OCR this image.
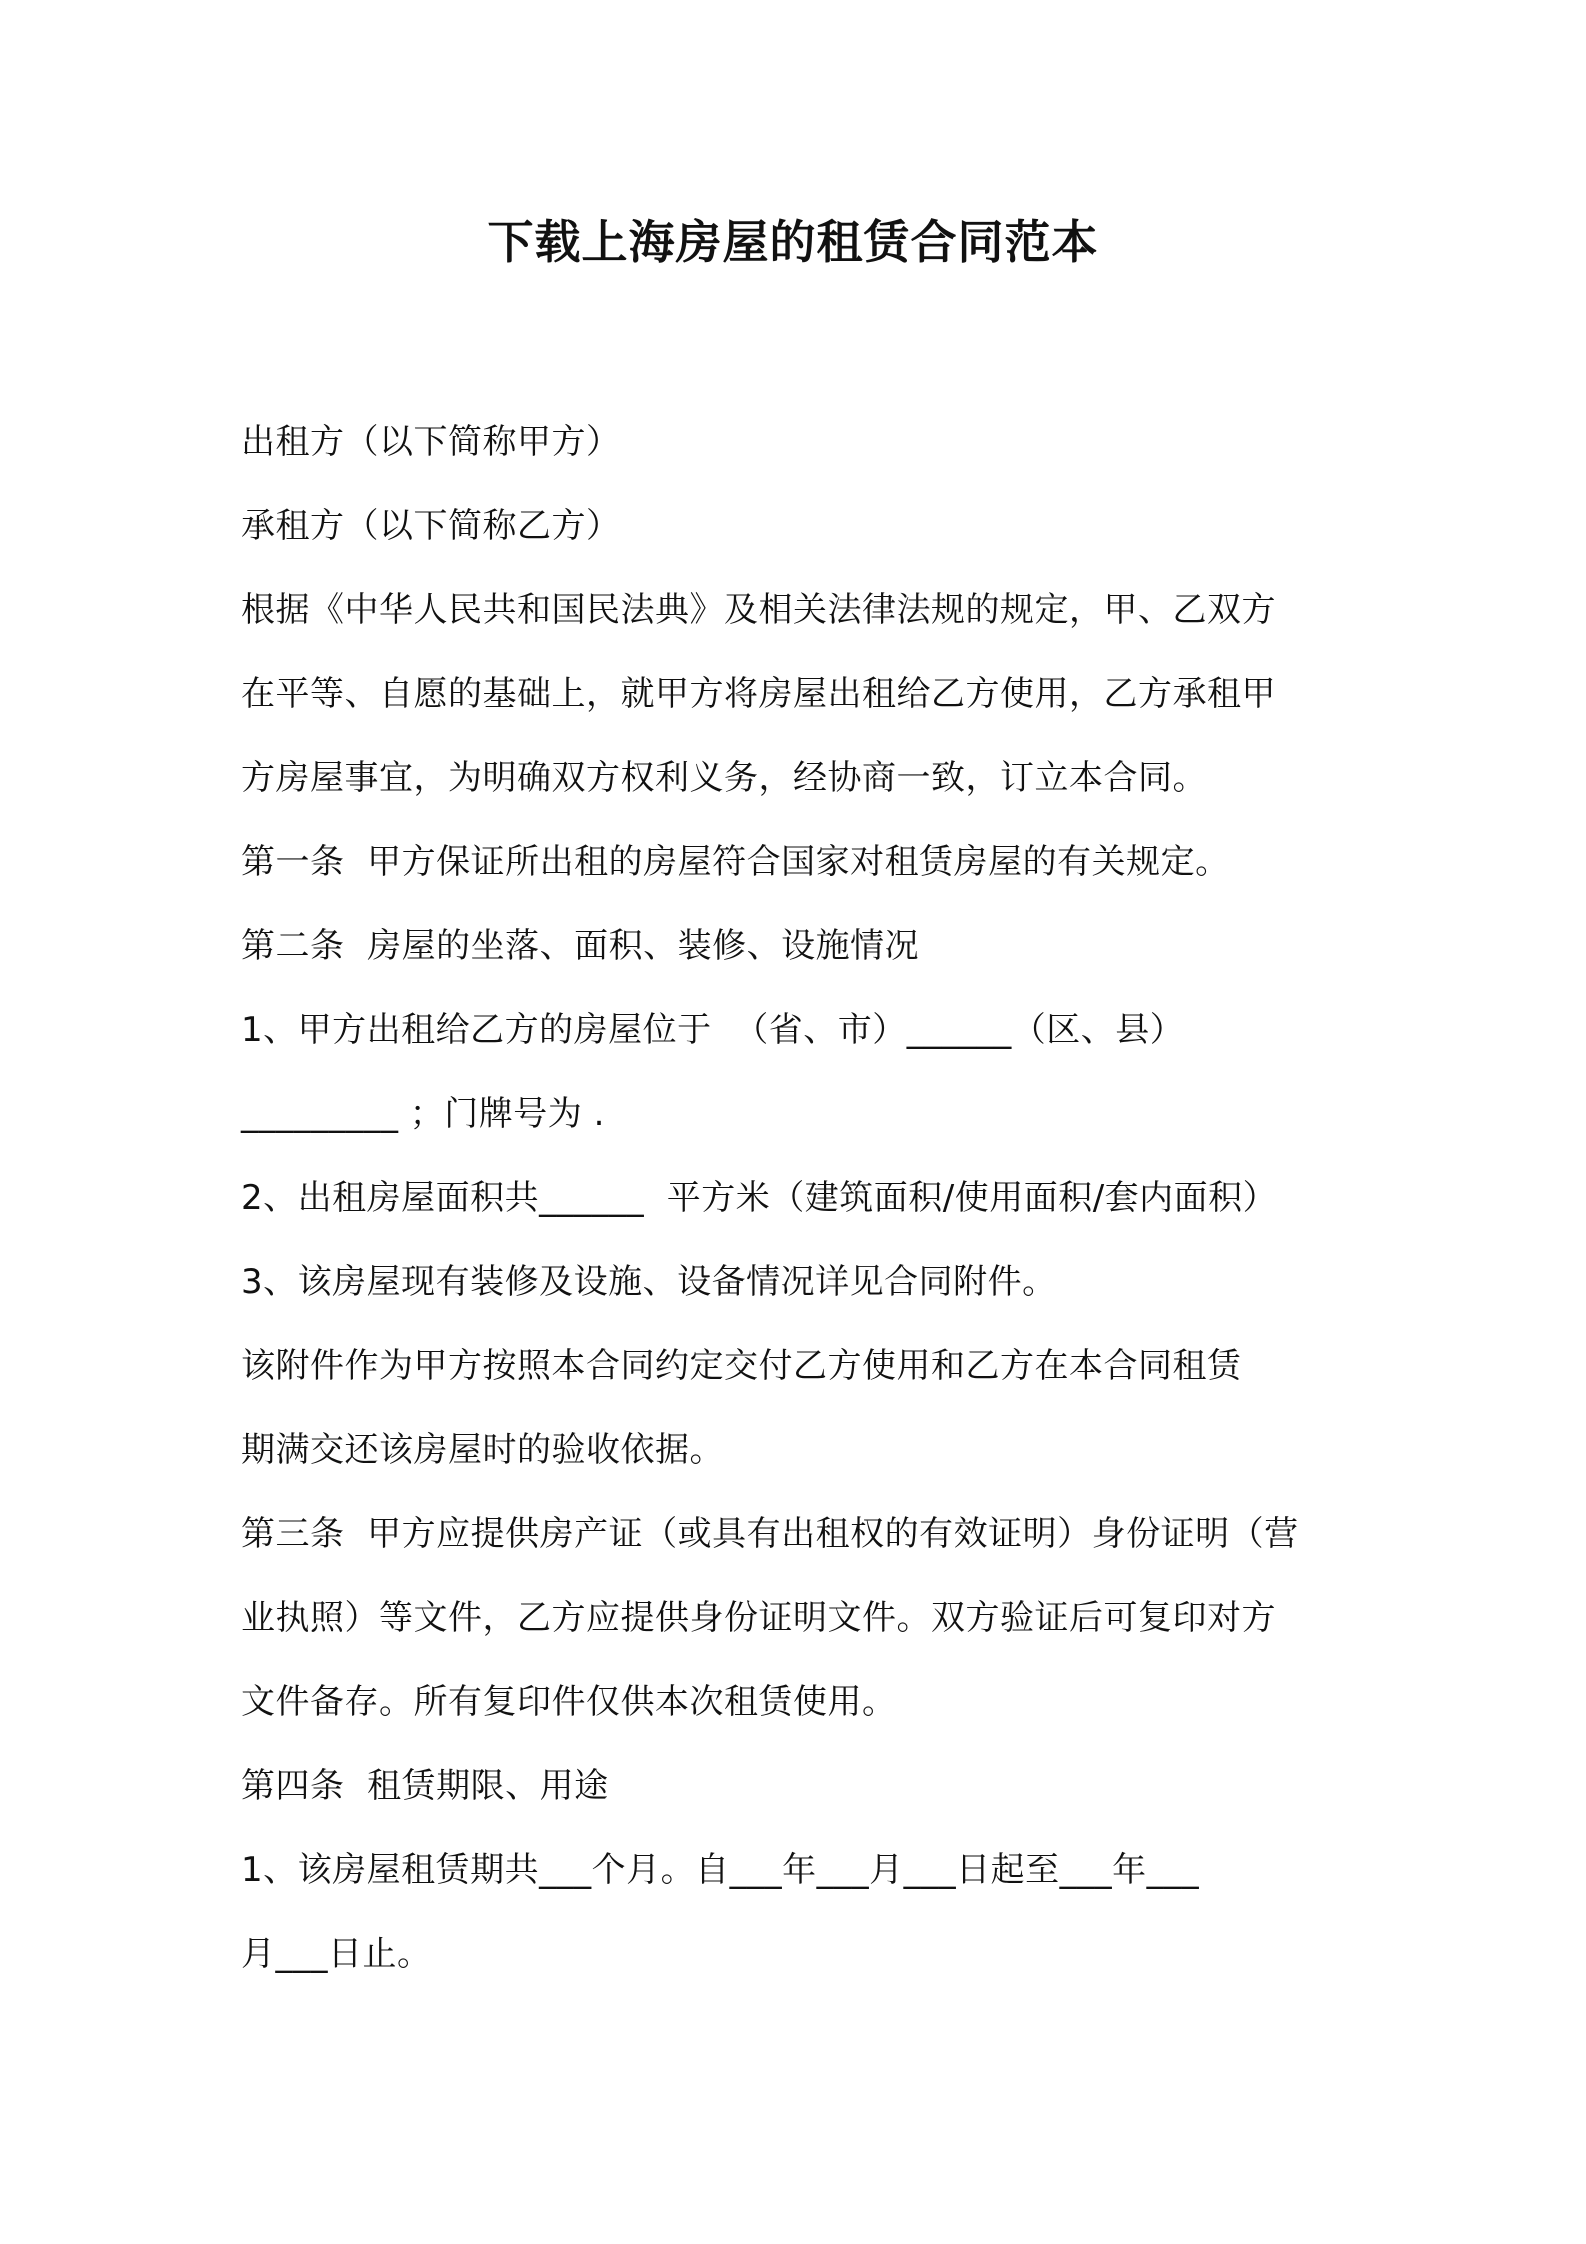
下载上海房屋的租赁合同范本

出租方（以下简称甲方）

承租方（以下简称乙方）

根据《中华人民共和国民法典》及相关法律法规的规定，甲、乙双方

在平等、自愿的基础上，就甲方将房屋出租给乙方使用，乙方承租甲

方房屋事宜，为明确双方权利义务，经协商一致，订立本合同。

第一条  甲方保证所出租的房屋符合国家对租赁房屋的有关规定。

第二条  房屋的坐落、面积、装修、设施情况

1、甲方出租给乙方的房屋位于  （省、市）______（区、县）

_________ ；门牌号为 .

2、出租房屋面积共______  平方米（建筑面积/使用面积/套内面积）

3、该房屋现有装修及设施、设备情况详见合同附件。

该附件作为甲方按照本合同约定交付乙方使用和乙方在本合同租赁

期满交还该房屋时的验收依据。

第三条  甲方应提供房产证（或具有出租权的有效证明）身份证明（营

业执照）等文件，乙方应提供身份证明文件。双方验证后可复印对方

文件备存。所有复印件仅供本次租赁使用。

第四条  租赁期限、用途

1、该房屋租赁期共___个月。自___年___月___日起至___年___

月___日止。
